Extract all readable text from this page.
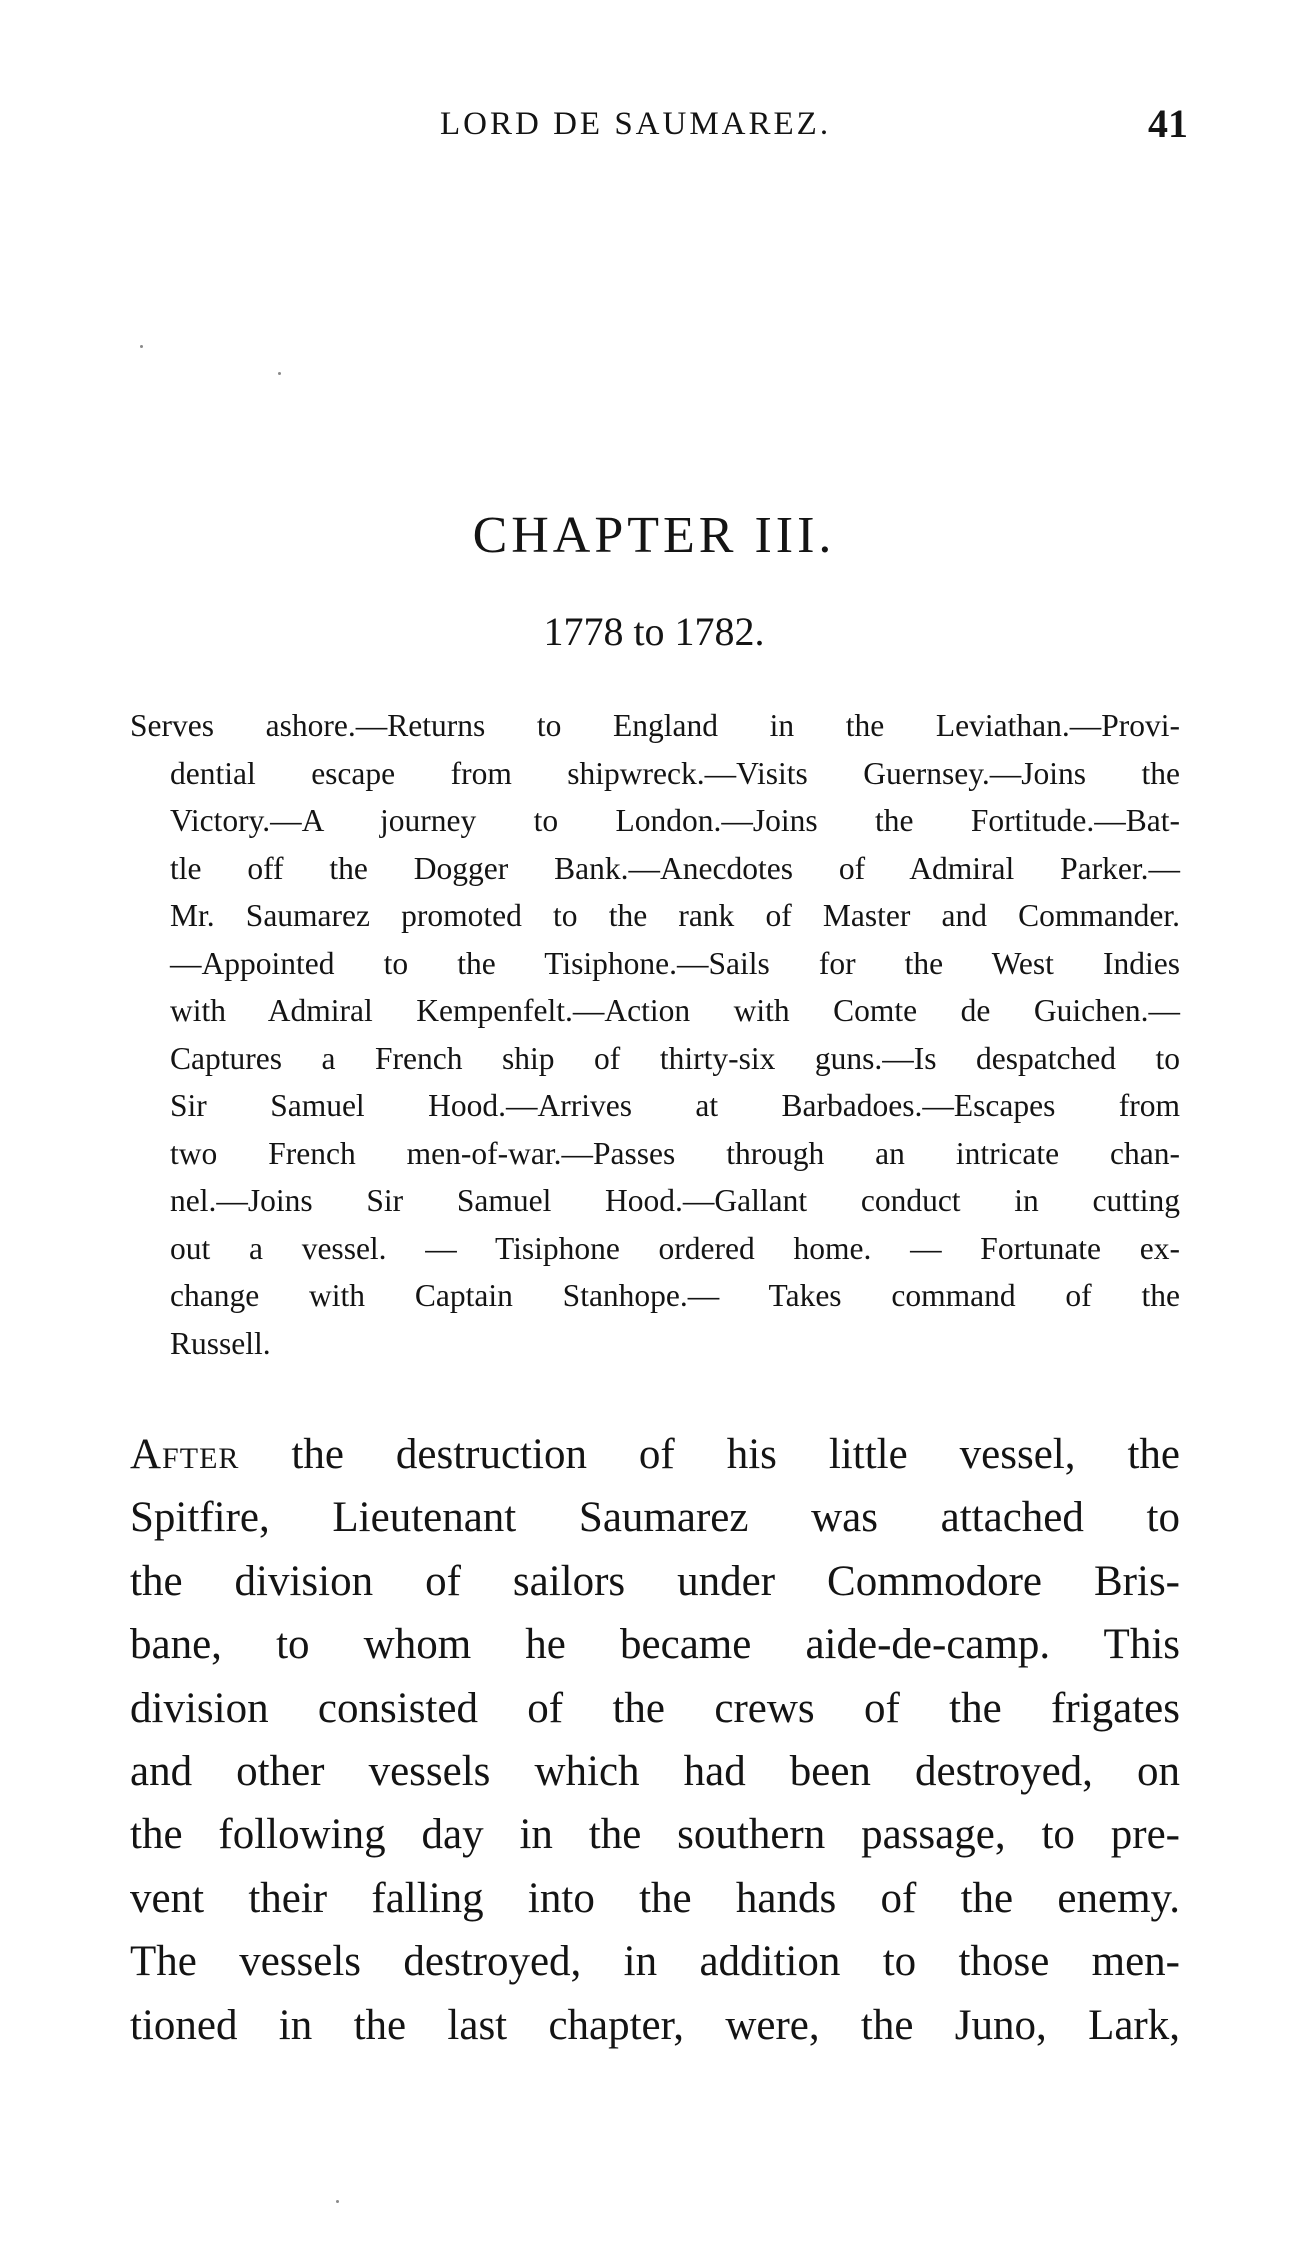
LORD DE SAUMAREZ.	41
CHAPTER III.
1778 to 1782.
Serves ashore.—Returns to England in the Leviathan.—Provi-
dential escape from shipwreck.—Visits Guernsey.—Joins the
Victory.—A journey to London.—Joins the Fortitude.—Bat-
tle off the Dogger Bank.—Anecdotes of Admiral Parker.—
Mr. Saumarez promoted to the rank of Master and Commander.
—Appointed to the Tisiphone.—Sails for the West Indies
with Admiral Kempenfelt.—Action with Comte de Guichen.—
Captures a French ship of thirty-six guns.—Is despatched to
Sir Samuel Hood.—Arrives at Barbadoes.—Escapes from
two French men-of-war.—Passes through an intricate chan-
nel.—Joins Sir Samuel Hood.—Gallant conduct in cutting
out a vessel. — Tisiphone ordered home. — Fortunate ex-
change with Captain Stanhope.— Takes command of the
Russell.
After the destruction of his little vessel, the
Spitfire, Lieutenant Saumarez was attached to
the division of sailors under Commodore Bris-
bane, to whom he became aide-de-camp. This
division consisted of the crews of the frigates
and other vessels which had been destroyed, on
the following day in the southern passage, to pre-
vent their falling into the hands of the enemy.
The vessels destroyed, in addition to those men-
tioned in the last chapter, were, the Juno, Lark,
